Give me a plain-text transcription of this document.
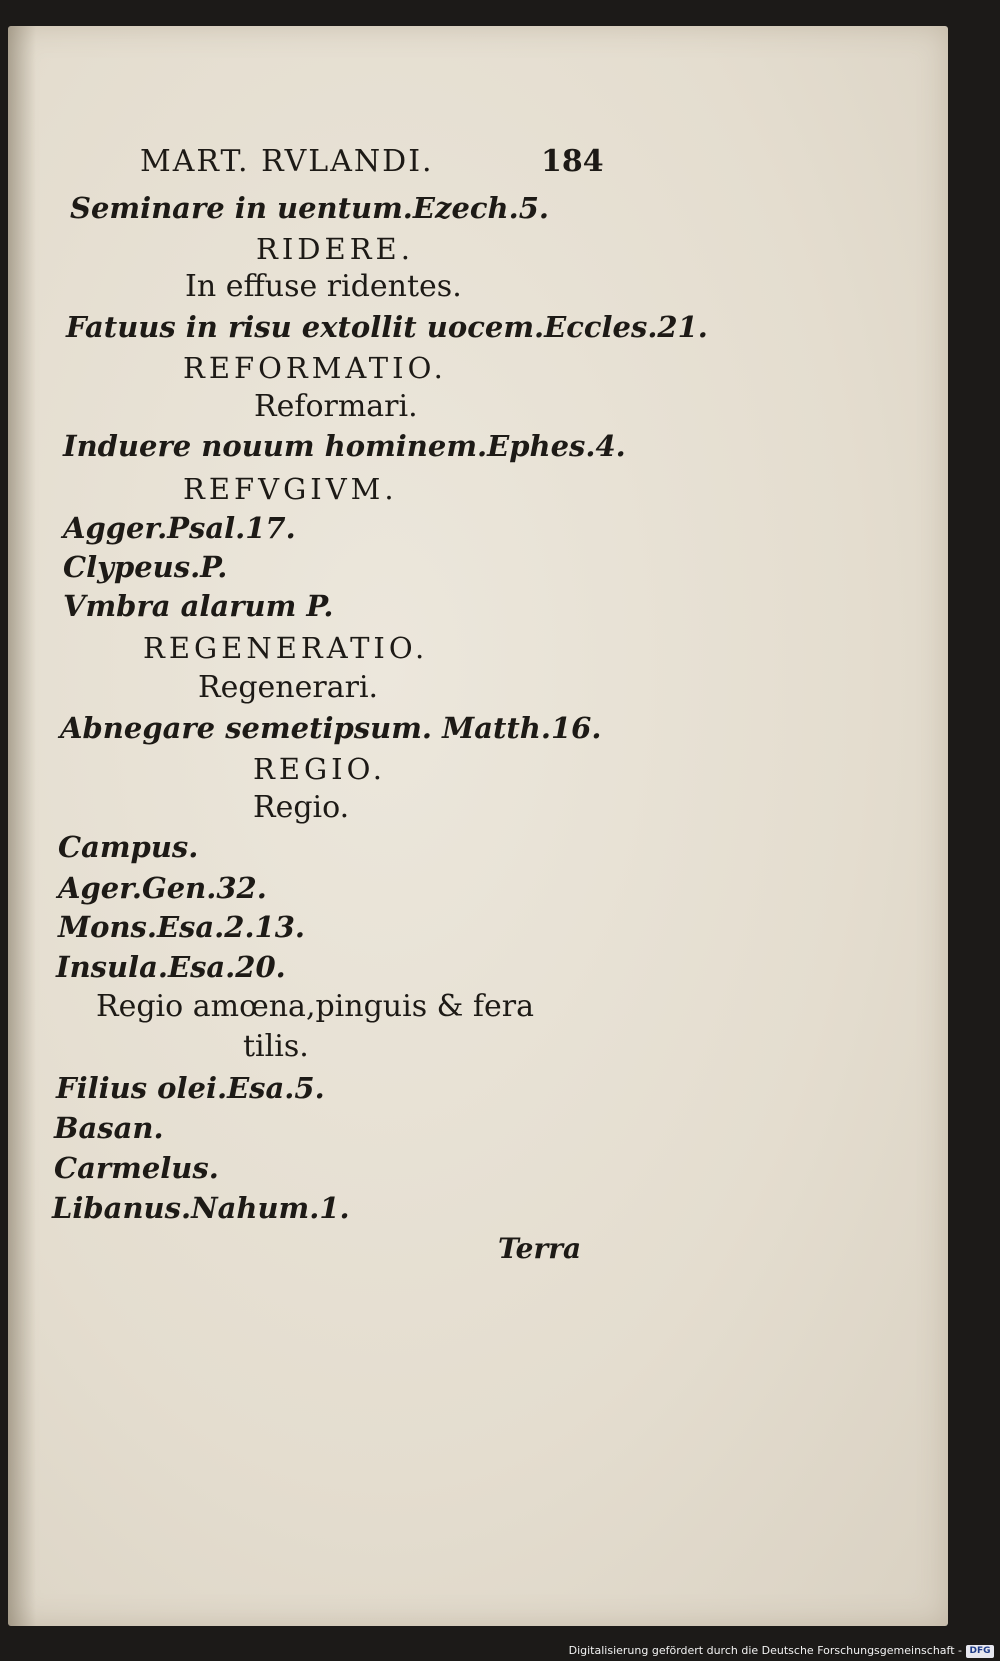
MART. RVLANDI.	184
Seminare in uentum.Ezech.5.
RIDERE.
In effuse ridentes.
Fatuus in risu extollit uocem.Eccles.21.
REFORMATIO.
Reformari.
Induere nouum hominem.Ephes.4.
REFVGIVM.
Agger.Psal.17.
Clypeus.P.
Vmbra alarum P.
REGENERATIO.
Regenerari.
Abnegare semetipsum. Matth.16.
REGIO.
Regio.
Campus.
Ager.Gen.32.
Mons.Esa.2.13.
Insula.Esa.20.
Regio amœna,pinguis & fera
tilis.
Filius olei.Esa.5.
Basan.
Carmelus.
Libanus.Nahum.1.
Terra
Digitalisierung gefördert durch die Deutsche Forschungsgemeinschaft - DFG
